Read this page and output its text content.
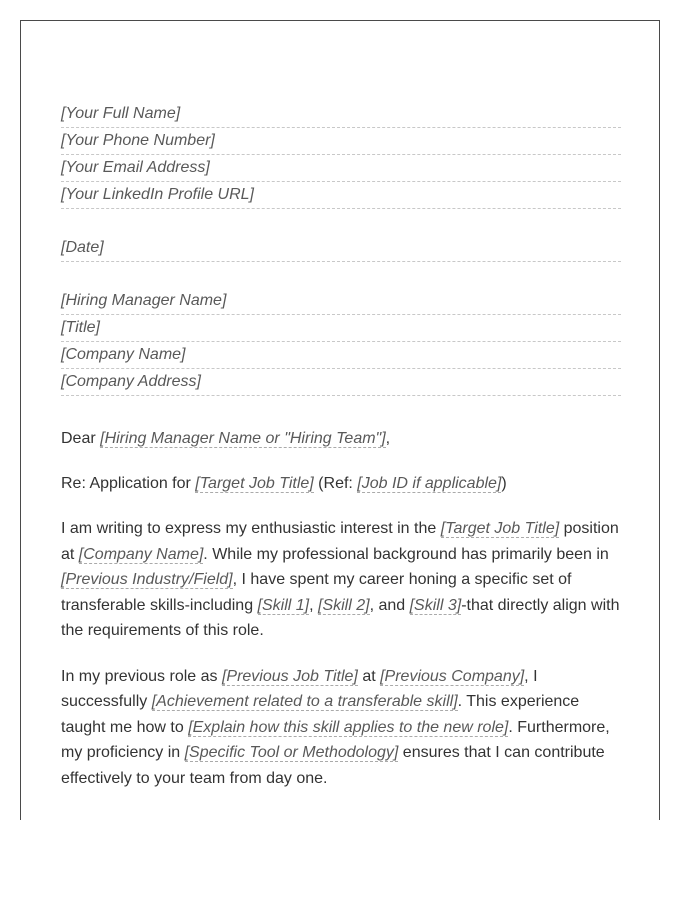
[Your Full Name]
[Your Phone Number]
[Your Email Address]
[Your LinkedIn Profile URL]
[Date]
[Hiring Manager Name]
[Title]
[Company Name]
[Company Address]

Dear [Hiring Manager Name or "Hiring Team"],

Re: Application for [Target Job Title] (Ref: [Job ID if applicable])

I am writing to express my enthusiastic interest in the [Target Job Title] position at [Company Name]. While my professional background has primarily been in [Previous Industry/Field], I have spent my career honing a specific set of transferable skills-including [Skill 1], [Skill 2], and [Skill 3]-that directly align with the requirements of this role.

In my previous role as [Previous Job Title] at [Previous Company], I successfully [Achievement related to a transferable skill]. This experience taught me how to [Explain how this skill applies to the new role]. Furthermore, my proficiency in [Specific Tool or Methodology] ensures that I can contribute effectively to your team from day one.
